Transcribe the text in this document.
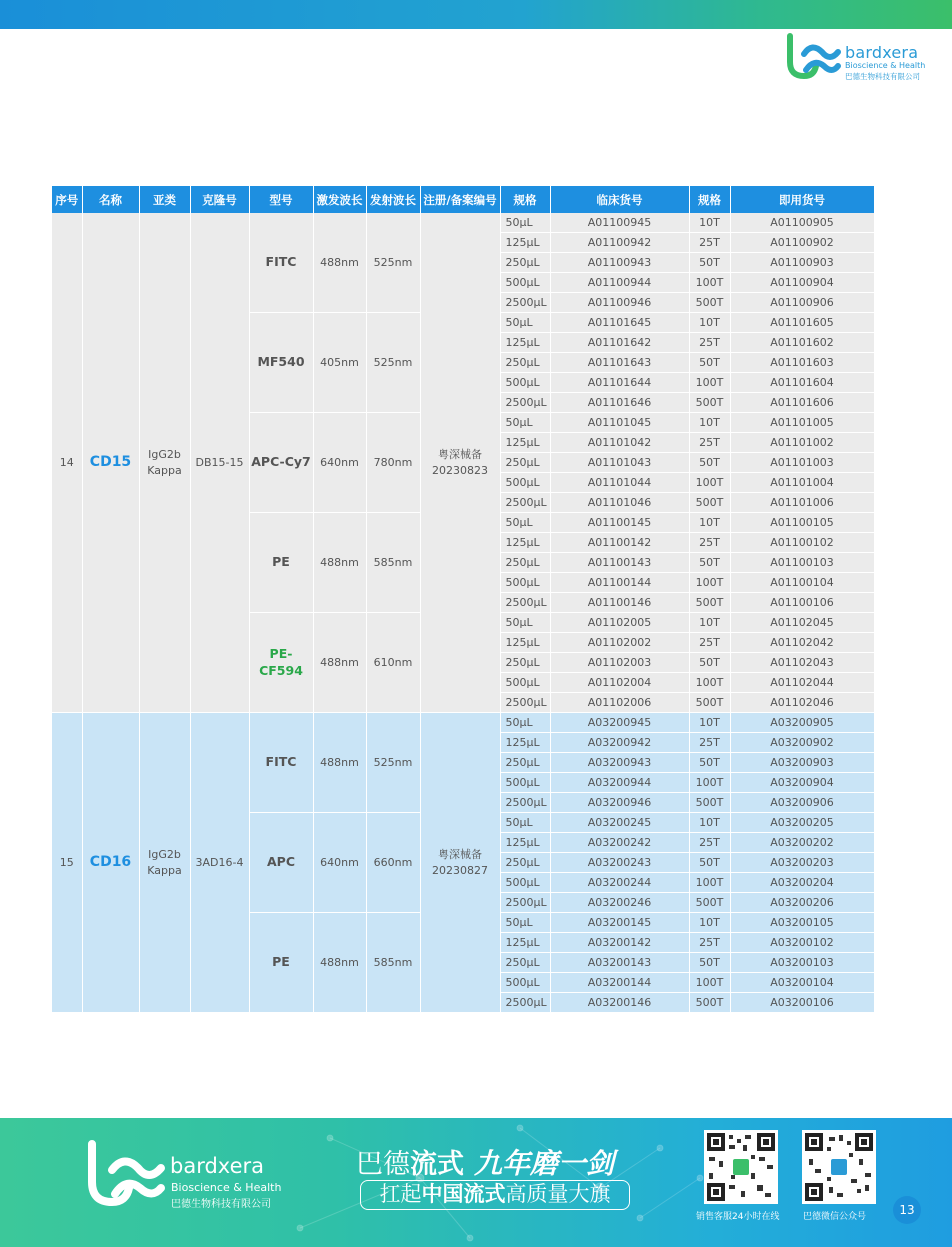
bardxera
Bioscience & Health
巴德生物科技有限公司
序号	名称	亚类	克隆号	型号	激发波长	发射波长	注册/备案编号	规格	临床货号	规格	即用货号
14	CD15	IgG2b Kappa	DB15-15	FITC	488nm	525nm	粤深械备 20230823	50μL	A01100945	10T	A01100905
								125μL	A01100942	25T	A01100902
								250μL	A01100943	50T	A01100903
								500μL	A01100944	100T	A01100904
								2500μL	A01100946	500T	A01100906
				MF540	405nm	525nm		50μL	A01101645	10T	A01101605
								125μL	A01101642	25T	A01101602
								250μL	A01101643	50T	A01101603
								500μL	A01101644	100T	A01101604
								2500μL	A01101646	500T	A01101606
				APC-Cy7	640nm	780nm		50μL	A01101045	10T	A01101005
								125μL	A01101042	25T	A01101002
								250μL	A01101043	50T	A01101003
								500μL	A01101044	100T	A01101004
								2500μL	A01101046	500T	A01101006
				PE	488nm	585nm		50μL	A01100145	10T	A01100105
								125μL	A01100142	25T	A01100102
								250μL	A01100143	50T	A01100103
								500μL	A01100144	100T	A01100104
								2500μL	A01100146	500T	A01100106
				PE-CF594	488nm	610nm		50μL	A01102005	10T	A01102045
								125μL	A01102002	25T	A01102042
								250μL	A01102003	50T	A01102043
								500μL	A01102004	100T	A01102044
								2500μL	A01102006	500T	A01102046
15	CD16	IgG2b Kappa	3AD16-4	FITC	488nm	525nm	粤深械备 20230827	50μL	A03200945	10T	A03200905
								125μL	A03200942	25T	A03200902
								250μL	A03200943	50T	A03200903
								500μL	A03200944	100T	A03200904
								2500μL	A03200946	500T	A03200906
				APC	640nm	660nm		50μL	A03200245	10T	A03200205
								125μL	A03200242	25T	A03200202
								250μL	A03200243	50T	A03200203
								500μL	A03200244	100T	A03200204
								2500μL	A03200246	500T	A03200206
				PE	488nm	585nm		50μL	A03200145	10T	A03200105
								125μL	A03200142	25T	A03200102
								250μL	A03200143	50T	A03200103
								500μL	A03200144	100T	A03200104
								2500μL	A03200146	500T	A03200106
bardxera
Bioscience & Health
巴德生物科技有限公司
巴德流式 九年磨一剑
扛起中国流式高质量大旗
销售客服24小时在线	巴德微信公众号	13
